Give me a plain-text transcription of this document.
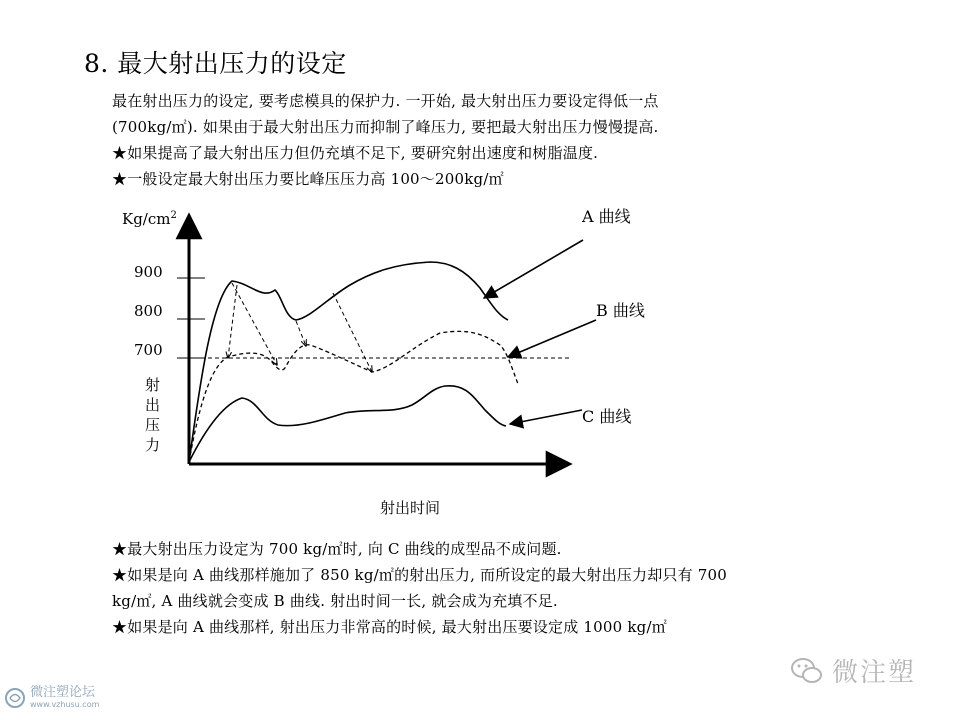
8. 最大射出压力的设定
最在射出压力的设定, 要考虑模具的保护力. 一开始, 最大射出压力要设定得低一点
(700kg/㎡). 如果由于最大射出压力而抑制了峰压力, 要把最大射出压力慢慢提高.
★如果提高了最大射出压力但仍充填不足下, 要研究射出速度和树脂温度.
★一般设定最大射出压力要比峰压压力高 100～200kg/㎡
$Kg/cm^2$
900
800
700
射 出 压 力
A 曲线
B 曲线
C 曲线
射出时间
★最大射出压力设定为 700 kg/㎡时, 向 C 曲线的成型品不成问题.
★如果是向 A 曲线那样施加了 850 kg/㎡的射出压力, 而所设定的最大射出压力却只有 700
kg/㎡, A 曲线就会变成 B 曲线. 射出时间一长, 就会成为充填不足.
★如果是向 A 曲线那样, 射出压力非常高的时候, 最大射出压要设定成 1000 kg/㎡
微注塑
微注塑论坛
www.vzhusu.com
